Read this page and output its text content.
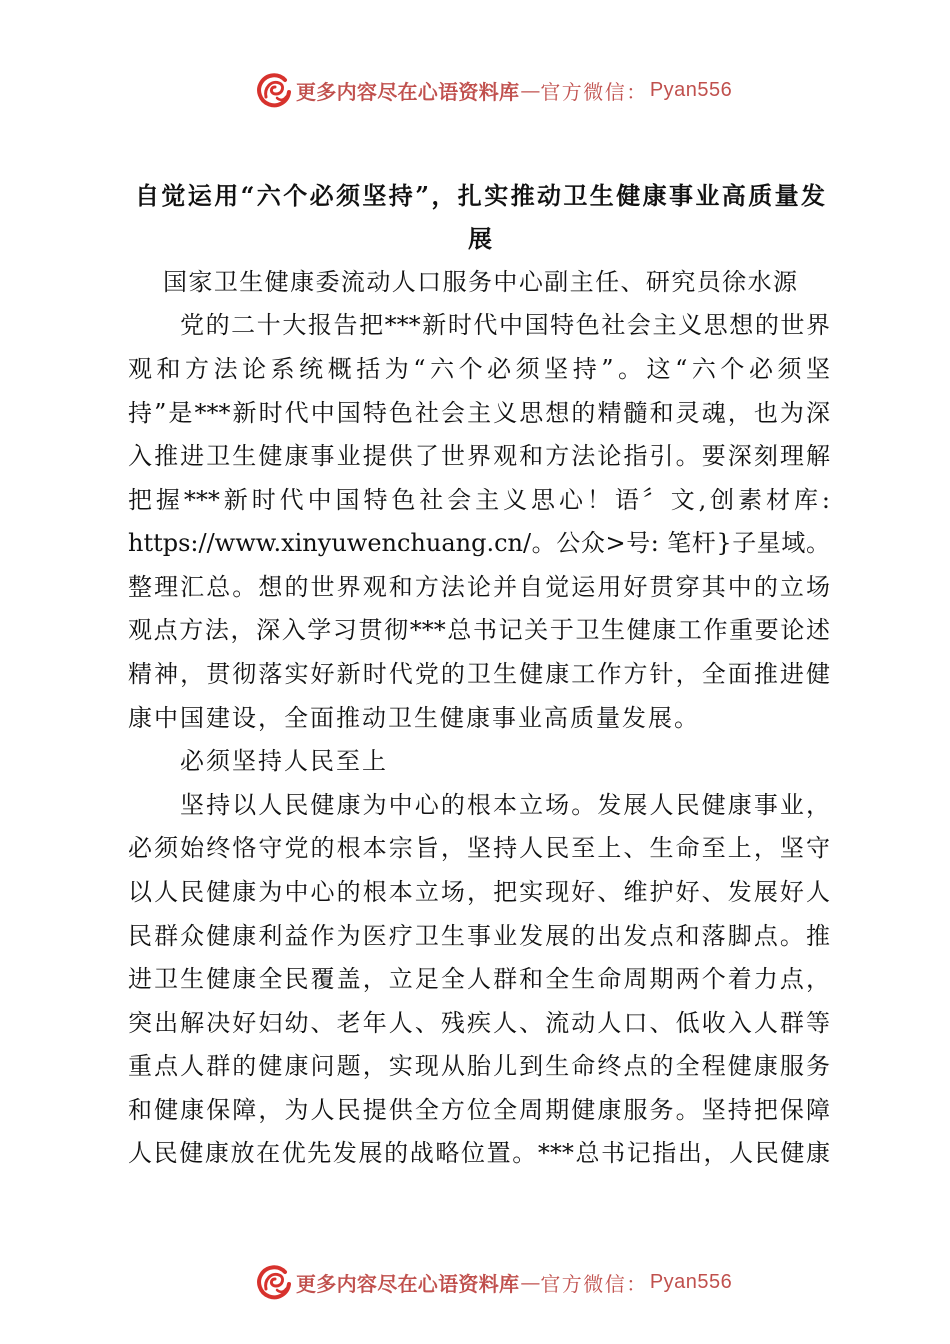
更多内容尽在心语资料库 — 官方微信： Pyan556
自觉运用“六个必须坚持”，扎实推动卫生健康事业高质量发
展
国家卫生健康委流动人口服务中心副主任、研究员徐水源
党的二十大报告把***新时代中国特色社会主义思想的世界
观和方法论系统概括为“六个必须坚持”。这“六个必须坚
持”是***新时代中国特色社会主义思想的精髓和灵魂，也为深
入推进卫生健康事业提供了世界观和方法论指引。要深刻理解
把握***新时代中国特色社会主义思心！语〞文,创素材库:
https://www.xinyuwenchuang.cn/。公众>号: 笔杆}子星域。
整理汇总。想的世界观和方法论并自觉运用好贯穿其中的立场
观点方法，深入学习贯彻***总书记关于卫生健康工作重要论述
精神，贯彻落实好新时代党的卫生健康工作方针，全面推进健
康中国建设，全面推动卫生健康事业高质量发展。
必须坚持人民至上
坚持以人民健康为中心的根本立场。发展人民健康事业，
必须始终恪守党的根本宗旨，坚持人民至上、生命至上，坚守
以人民健康为中心的根本立场，把实现好、维护好、发展好人
民群众健康利益作为医疗卫生事业发展的出发点和落脚点。推
进卫生健康全民覆盖，立足全人群和全生命周期两个着力点，
突出解决好妇幼、老年人、残疾人、流动人口、低收入人群等
重点人群的健康问题，实现从胎儿到生命终点的全程健康服务
和健康保障，为人民提供全方位全周期健康服务。坚持把保障
人民健康放在优先发展的战略位置。***总书记指出，人民健康
更多内容尽在心语资料库 — 官方微信： Pyan556
